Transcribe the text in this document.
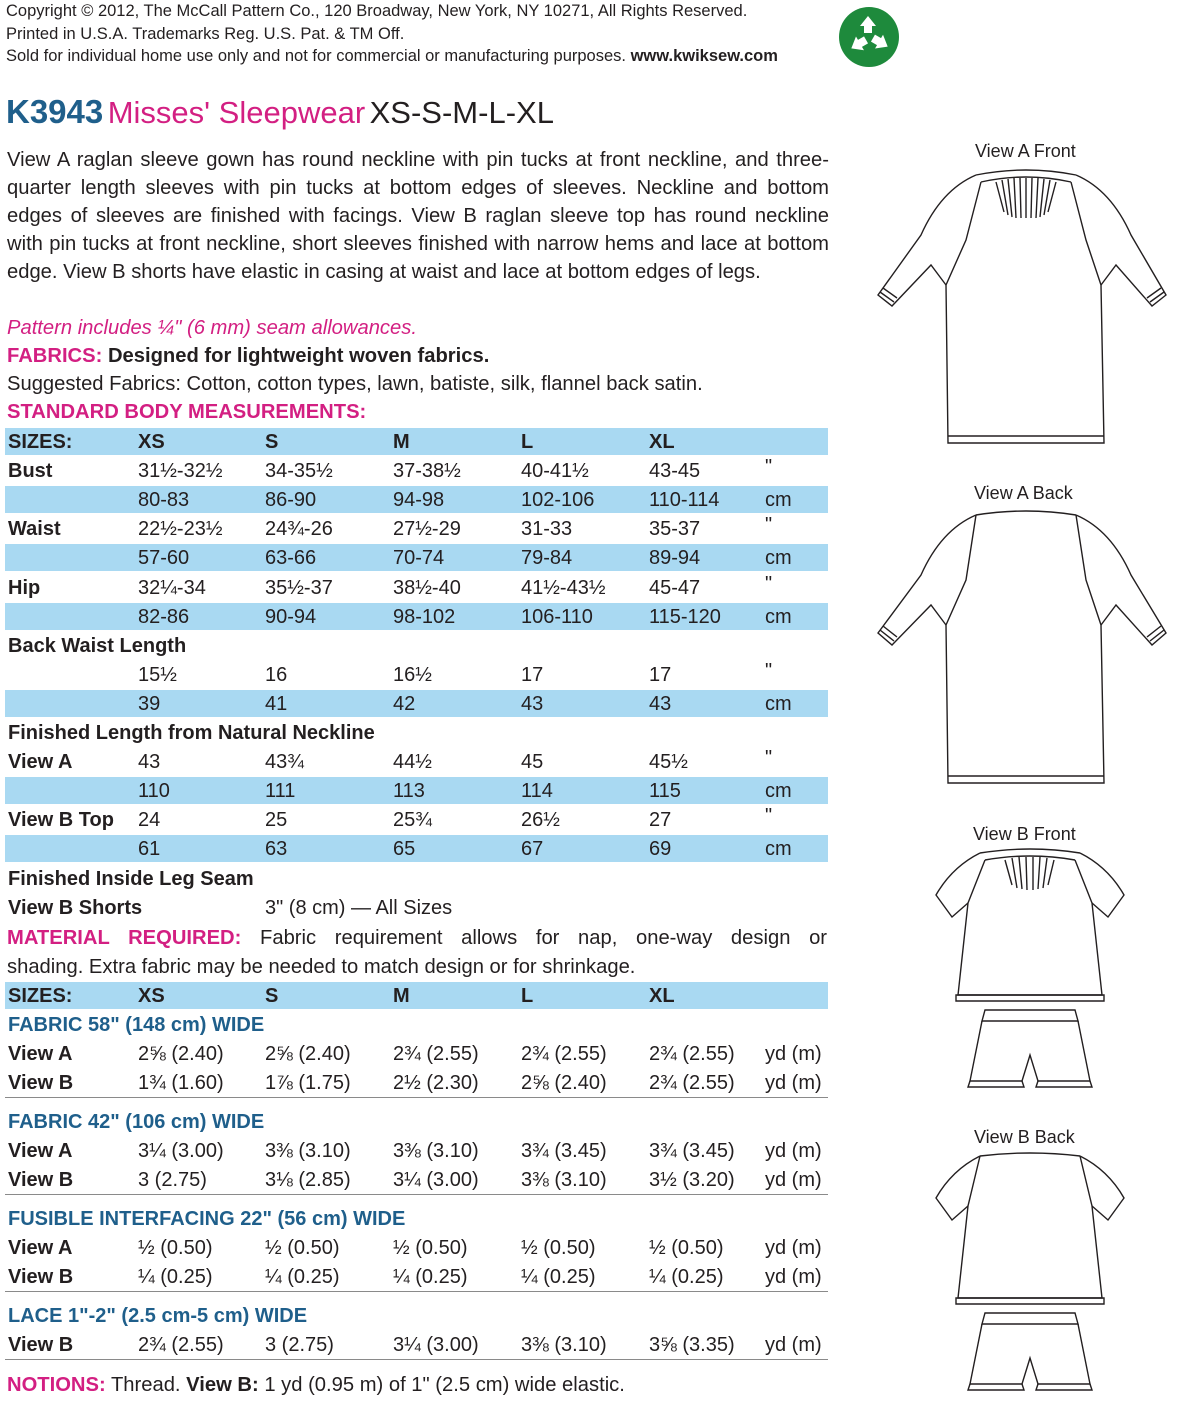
Copyright © 2012, The McCall Pattern Co., 120 Broadway, New York, NY 10271, All Rights Reserved.
Printed in U.S.A. Trademarks Reg. U.S. Pat. & TM Off.
Sold for individual home use only and not for commercial or manufacturing purposes. www.kwiksew.com
K3943 Misses' Sleepwear XS-S-M-L-XL
View A raglan sleeve gown has round neckline with pin tucks at front neckline, and three-quarter length sleeves with pin tucks at bottom edges of sleeves. Neckline and bottom edges of sleeves are finished with facings. View B raglan sleeve top has round neckline with pin tucks at front neckline, short sleeves finished with narrow hems and lace at bottom edge. View B shorts have elastic in casing at waist and lace at bottom edges of legs.
Pattern includes ¼" (6 mm) seam allowances.
FABRICS: Designed for lightweight woven fabrics.
Suggested Fabrics: Cotton, cotton types, lawn, batiste, silk, flannel back satin.
STANDARD BODY MEASUREMENTS:
SIZES:	XS	S	M	L	XL
Bust	31½-32½ 34-35½	37-38½	40-41½	43-45	"
80-83	86-90	94-98	102-106	110-114 cm
Waist	22½-23½ 24¾-26	27½-29	31-33	35-37	"
57-60	63-66	70-74	79-84	89-94	cm
Hip	32¼-34	35½-37	38½-40	41½-43½ 45-47	"
82-86	90-94	98-102	106-110	115-120 cm
Back Waist Length
15½	16	16½	17	17	"
39	41	42	43	43	cm
Finished Length from Natural Neckline
View A	43	43¾	44½	45	45½	"
110	111	113	114	115	cm
View B Top 24	25	25¾	26½	27	"
61	63	65	67	69	cm
Finished Inside Leg Seam
View B Shorts	3" (8 cm) — All Sizes
MATERIAL REQUIRED: Fabric requirement allows for nap, one-way design or
shading. Extra fabric may be needed to match design or for shrinkage.
SIZES:	XS	S	M	L	XL
FABRIC 58" (148 cm) WIDE
View A	2⅝ (2.40) 2⅝ (2.40) 2¾ (2.55) 2¾ (2.55) 2¾ (2.55) yd (m)
View B	1¾ (1.60) 1⅞ (1.75) 2½ (2.30) 2⅝ (2.40) 2¾ (2.55) yd (m)
FABRIC 42" (106 cm) WIDE
View A	3¼ (3.00) 3⅜ (3.10) 3⅜ (3.10) 3¾ (3.45) 3¾ (3.45) yd (m)
View B	3 (2.75)	3⅛ (2.85) 3¼ (3.00) 3⅜ (3.10) 3½ (3.20) yd (m)
FUSIBLE INTERFACING 22" (56 cm) WIDE
View A	½ (0.50)	½ (0.50)	½ (0.50)	½ (0.50)	½ (0.50) yd (m)
View B	¼ (0.25)	¼ (0.25)	¼ (0.25)	¼ (0.25)	¼ (0.25) yd (m)
LACE 1"-2" (2.5 cm-5 cm) WIDE
View B	2¾ (2.55) 3 (2.75)	3¼ (3.00) 3⅜ (3.10) 3⅝ (3.35) yd (m)
NOTIONS: Thread. View B: 1 yd (0.95 m) of 1" (2.5 cm) wide elastic.
View A Front
View A Back
View B Front
View B Back
